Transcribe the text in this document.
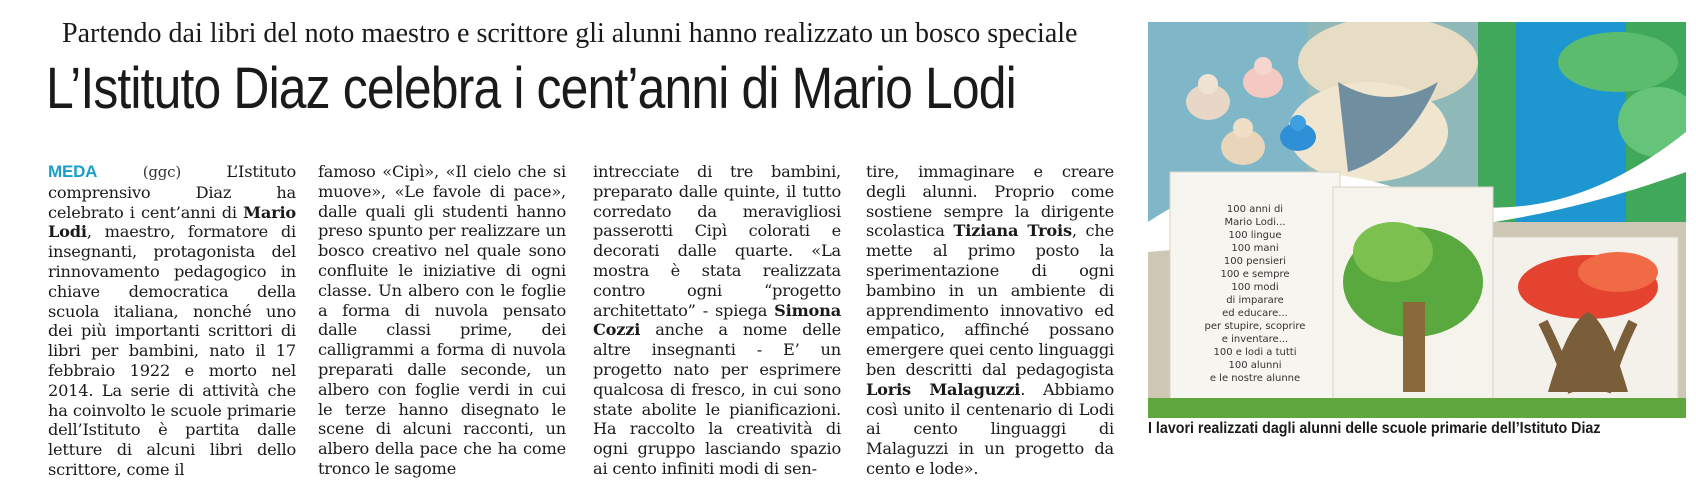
Partendo dai libri del noto maestro e scrittore gli alunni hanno realizzato un bosco speciale
L’Istituto Diaz celebra i cent’anni di Mario Lodi

MEDA	(ggc) L’Istituto comprensivo Diaz ha celebrato i cent’anni di Mario Lodi, maestro, formatore di insegnanti, protagonista del rinnovamento pedagogico in chiave democratica della scuola italiana, nonché uno dei più importanti scrittori di libri per bambini, nato il 17 febbraio 1922 e morto nel 2014. La serie di attività che ha coinvolto le scuole primarie dell’Istituto è partita dalle letture di alcuni libri dello scrittore, come il

famoso «Cipì», «Il cielo che si muove», «Le favole di pace», dalle quali gli studenti hanno preso spunto per realizzare un bosco creativo nel quale sono confluite le iniziative di ogni classe. Un albero con le foglie a forma di nuvola pensato dalle classi prime, dei calligrammi a forma di nuvola preparati dalle seconde, un albero con foglie verdi in cui le terze hanno disegnato le scene di alcuni racconti, un albero della pace che ha come tronco le sagome

intrecciate di tre bambini, preparato dalle quinte, il tutto corredato da meravigliosi passerotti Cipì colorati e decorati dalle quarte. «La mostra è stata realizzata contro ogni “progetto architettato” - spiega Simona Cozzi anche a nome delle altre insegnanti - E’ un progetto nato per esprimere qualcosa di fresco, in cui sono state abolite le pianificazioni. Ha raccolto la creatività di ogni gruppo lasciando spazio ai cento infiniti modi di sen-

tire, immaginare e creare degli alunni. Proprio come sostiene sempre la dirigente scolastica Tiziana Trois, che mette al primo posto la sperimentazione di ogni bambino in un ambiente di apprendimento innovativo ed empatico, affinché possano emergere quei cento linguaggi ben descritti dal pedagogista Loris Malaguzzi. Abbiamo così unito il centenario di Lodi ai cento linguaggi di Malaguzzi in un progetto da cento e lode».

100 anni di
Mario Lodi...
100 lingue
100 mani
100 pensieri
100 e sempre
100 modi
di imparare
ed educare...
per stupire, scoprire
e inventare...
100 e lodi a tutti
100 alunni
e le nostre alunne
I lavori realizzati dagli alunni delle scuole primarie dell’Istituto Diaz
